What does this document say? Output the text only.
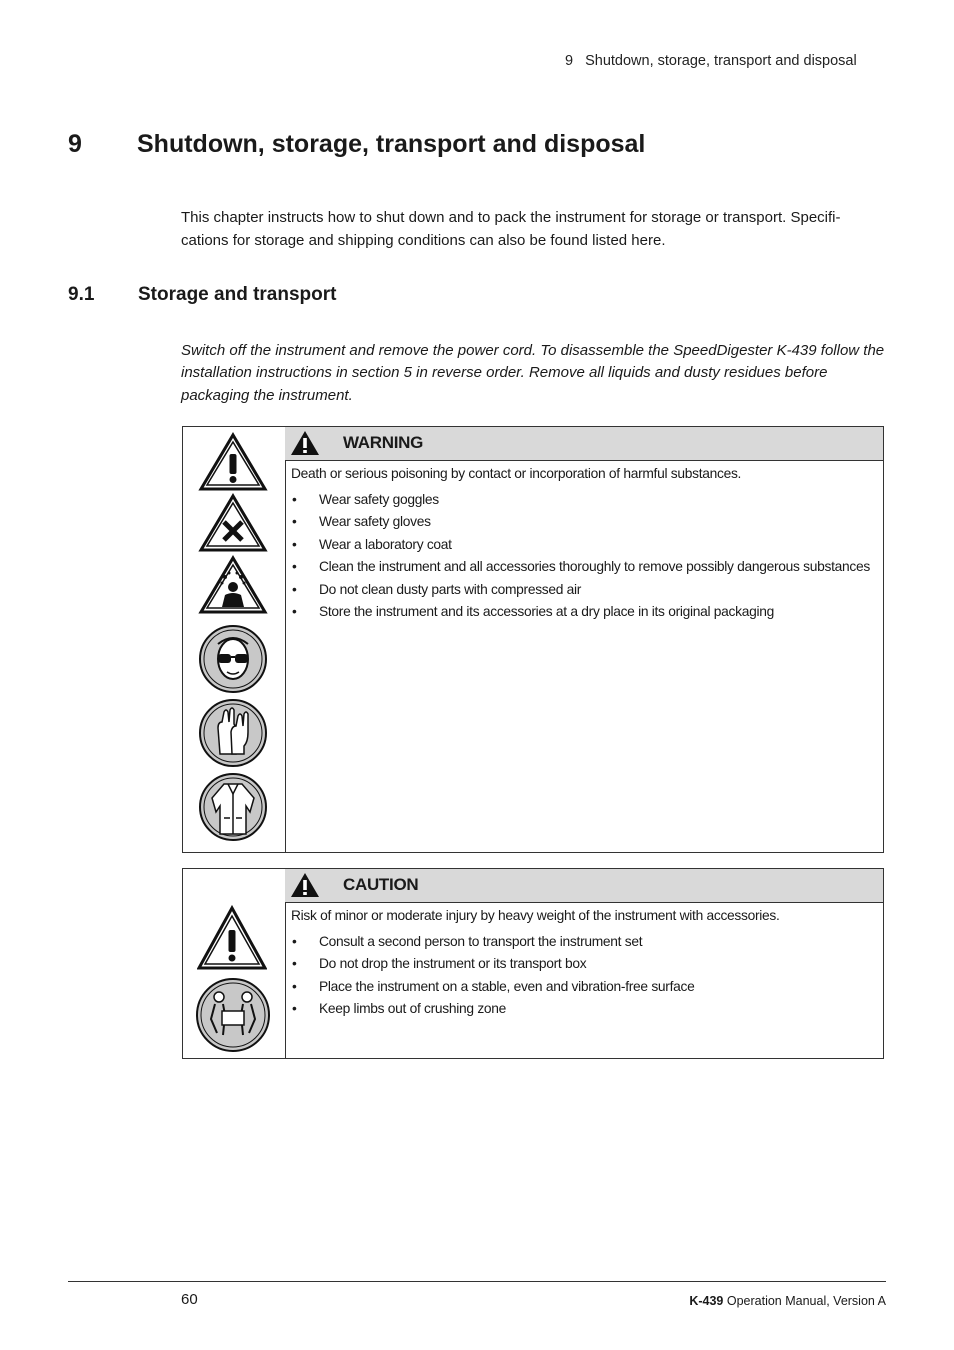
9 Shutdown, storage, transport and disposal
9 Shutdown, storage, transport and disposal
This chapter instructs how to shut down and to pack the instrument for storage or transport. Specifi-
cations for storage and shipping conditions can also be found listed here.
9.1 Storage and transport
Switch off the instrument and remove the power cord. To disassemble the SpeedDigester K-439 follow the installation instructions in section 5 in reverse order. Remove all liquids and dusty residues before packaging the instrument.
WARNING
Death or serious poisoning by contact or incorporation of harmful substances.
• Wear safety goggles
• Wear safety gloves
• Wear a laboratory coat
• Clean the instrument and all accessories thoroughly to remove possibly dangerous substances
• Do not clean dusty parts with compressed air
• Store the instrument and its accessories at a dry place in its original packaging
CAUTION
Risk of minor or moderate injury by heavy weight of the instrument with accessories.
• Consult a second person to transport the instrument set
• Do not drop the instrument or its transport box
• Place the instrument on a stable, even and vibration-free surface
• Keep limbs out of crushing zone
60	K-439 Operation Manual, Version A
